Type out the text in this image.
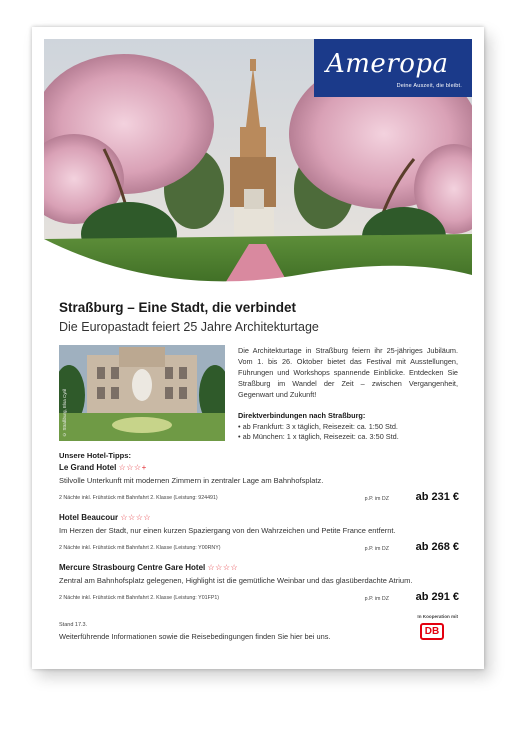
Ameropa
Deine Auszeit, die bleibt.
Straßburg – Eine Stadt, die verbindet
Die Europastadt feiert 25 Jahre Architekturtage
© Straßburg, Elsa Cyril
Die Architekturtage in Straßburg feiern ihr 25-jähriges Jubiläum. Vom 1. bis 26. Oktober bietet das Festival mit Ausstellungen, Führungen und Workshops spannende Einblicke. Entdecken Sie Straßburg im Wandel der Zeit – zwischen Vergangenheit, Gegenwart und Zukunft!
Direktverbindungen nach Straßburg:
• ab Frankfurt: 3 x täglich, Reisezeit: ca. 1:50 Std.
• ab München: 1 x täglich, Reisezeit: ca. 3:50 Std.
Unsere Hotel-Tipps:
Le Grand Hotel ☆☆☆+
Stilvolle Unterkunft mit modernen Zimmern in zentraler Lage am Bahnhofsplatz.
2 Nächte inkl. Frühstück mit Bahnfahrt 2. Klasse (Leistung: 924491)	p.P. im DZ ab 231 €
Hotel Beaucour ☆☆☆☆
Im Herzen der Stadt, nur einen kurzen Spaziergang von den Wahrzeichen und Petite France entfernt.
2 Nächte inkl. Frühstück mit Bahnfahrt 2. Klasse (Leistung: Y00RNY)	p.P. im DZ ab 268 €
Mercure Strasbourg Centre Gare Hotel ☆☆☆☆
Zentral am Bahnhofsplatz gelegenen, Highlight ist die gemütliche Weinbar und das glasüberdachte Atrium.
2 Nächte inkl. Frühstück mit Bahnfahrt 2. Klasse (Leistung: Y01FP1)	p.P. im DZ ab 291 €
Stand 17.3.
Weiterführende Informationen sowie die Reisebedingungen finden Sie hier bei uns.
In Kooperation mit
DB
